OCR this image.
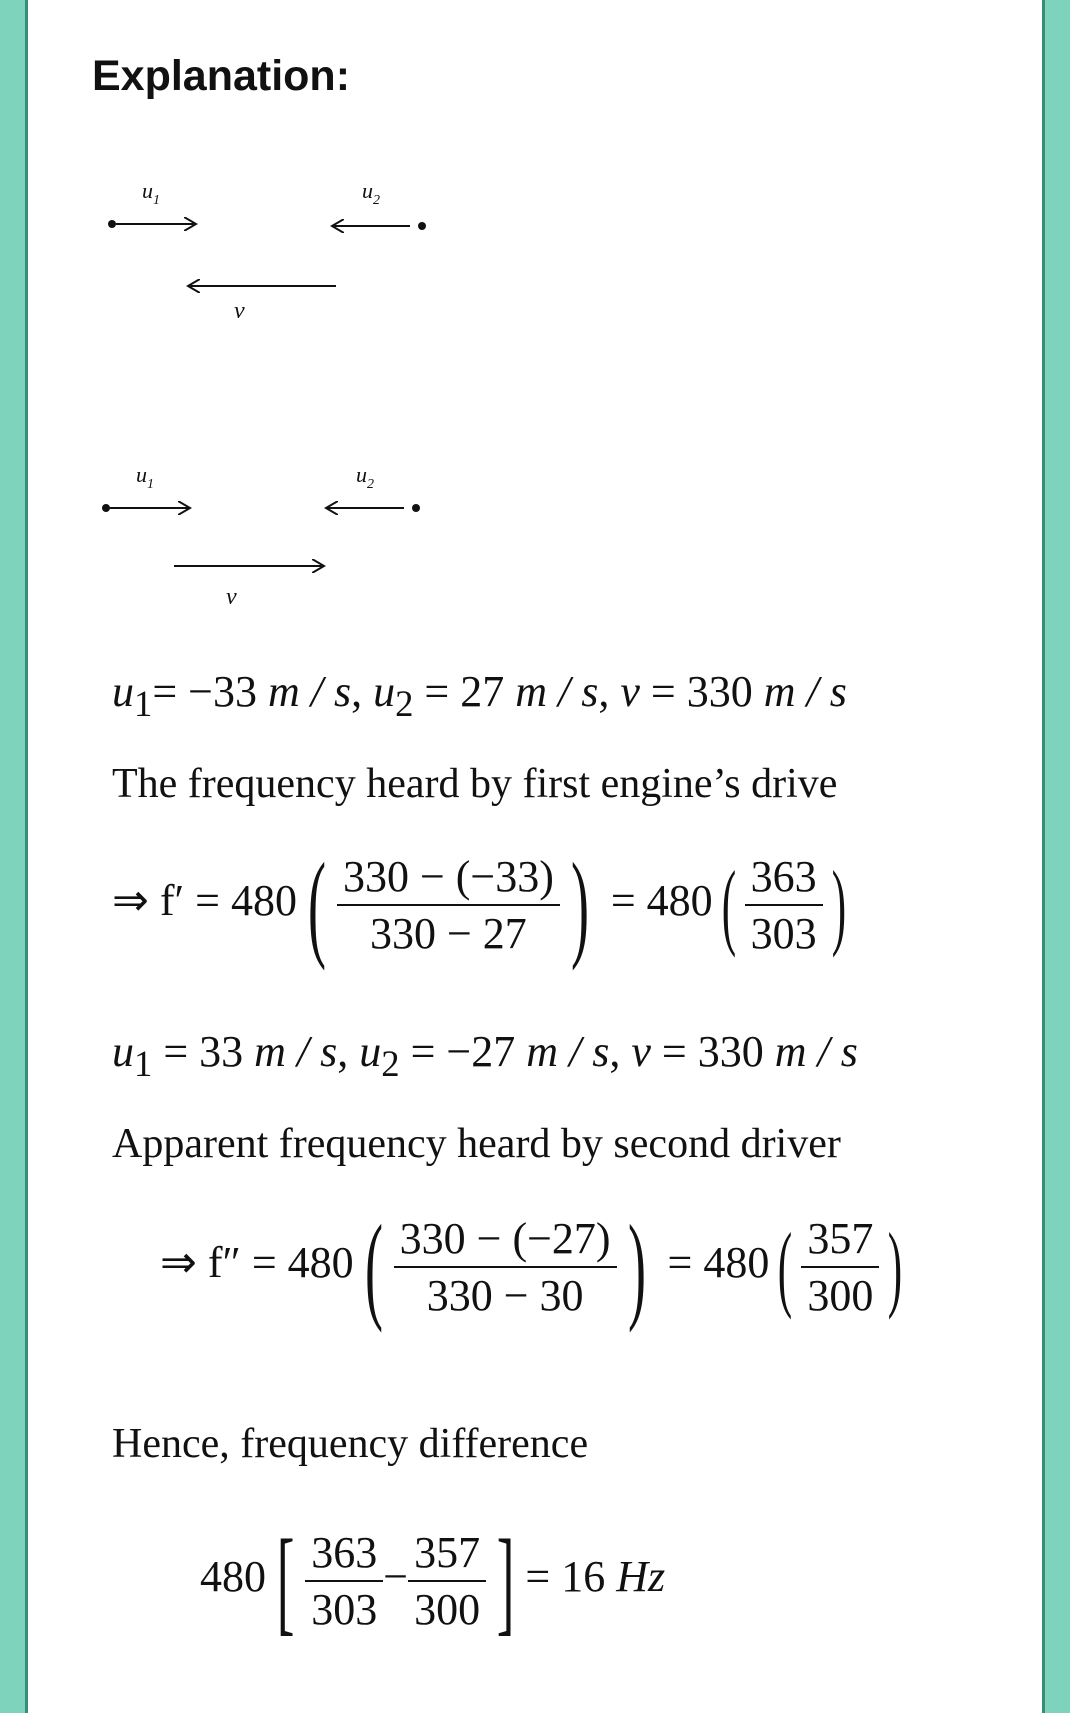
Explanation:
$u_1$	$u_2$
v
$u_1$	$u_2$
v
$u_1= -33$ m / s, $u_2 = 27$ m / s, v = 330 m / s
The frequency heard by first engine’s drive
⇒ $f' = 480( \frac{330 - (-33)}{330 - 27}$ ) = $480( \frac{363}{303}$ )
$u_1 = 33$ m / s, $u_2 = -27$ m / s, v = 330 m / s
Apparent frequency heard by second driver
⇒ $f'' = 480( \frac{330 - (-27)}{330 - 30}$ ) = $480( \frac{357}{300}$ )
Hence, frequency difference
$480[ \frac{363}{303} - \frac{357}{300}$ ] = 16 Hz
